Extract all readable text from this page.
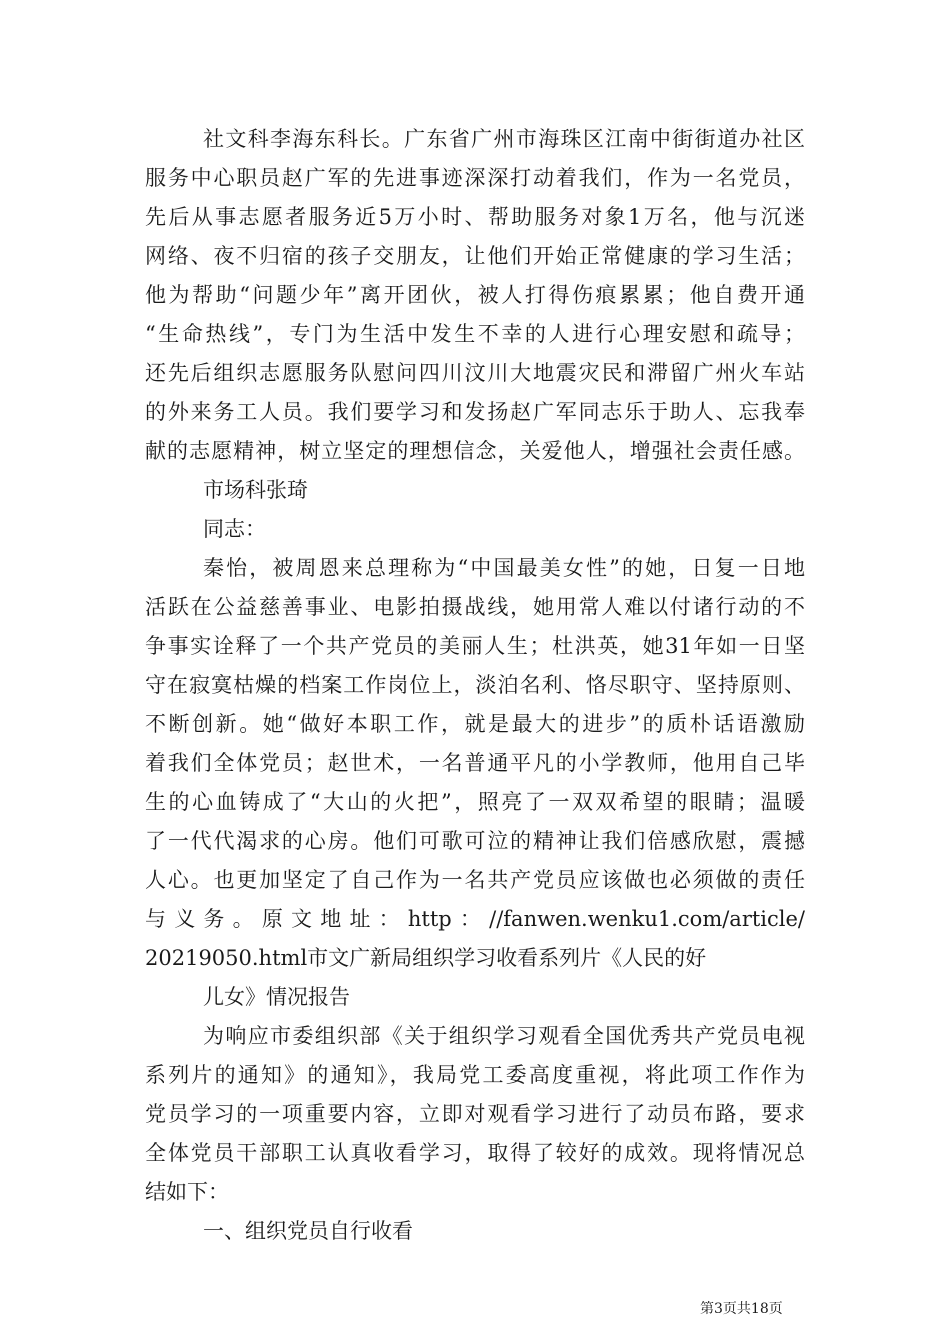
社文科李海东科长。广东省广州市海珠区江南中街街道办社区
服务中心职员赵广军的先进事迹深深打动着我们，作为一名党员，
先后从事志愿者服务近5万小时、帮助服务对象1万名，他与沉迷
网络、夜不归宿的孩子交朋友，让他们开始正常健康的学习生活；
他为帮助“问题少年”离开团伙，被人打得伤痕累累；他自费开通
“生命热线”，专门为生活中发生不幸的人进行心理安慰和疏导；
还先后组织志愿服务队慰问四川汶川大地震灾民和滞留广州火车站
的外来务工人员。我们要学习和发扬赵广军同志乐于助人、忘我奉
献的志愿精神，树立坚定的理想信念，关爱他人，增强社会责任感。
市场科张琦
同志：
秦怡，被周恩来总理称为“中国最美女性”的她，日复一日地
活跃在公益慈善事业、电影拍摄战线，她用常人难以付诸行动的不
争事实诠释了一个共产党员的美丽人生；杜洪英，她31年如一日坚
守在寂寞枯燥的档案工作岗位上，淡泊名利、恪尽职守、坚持原则、
不断创新。她“做好本职工作，就是最大的进步”的质朴话语激励
着我们全体党员；赵世术，一名普通平凡的小学教师，他用自己毕
生的心血铸成了“大山的火把”，照亮了一双双希望的眼睛；温暖
了一代代渴求的心房。他们可歌可泣的精神让我们倍感欣慰，震撼
人心。也更加坚定了自己作为一名共产党员应该做也必须做的责任
与义务。原文地址：http：//fanwen.wenku1.com/article/
20219050.html市文广新局组织学习收看系列片《人民的好
儿女》情况报告
为响应市委组织部《关于组织学习观看全国优秀共产党员电视
系列片的通知》的通知》，我局党工委高度重视，将此项工作作为
党员学习的一项重要内容，立即对观看学习进行了动员布路，要求
全体党员干部职工认真收看学习，取得了较好的成效。现将情况总
结如下：
一、组织党员自行收看
第3页共18页
